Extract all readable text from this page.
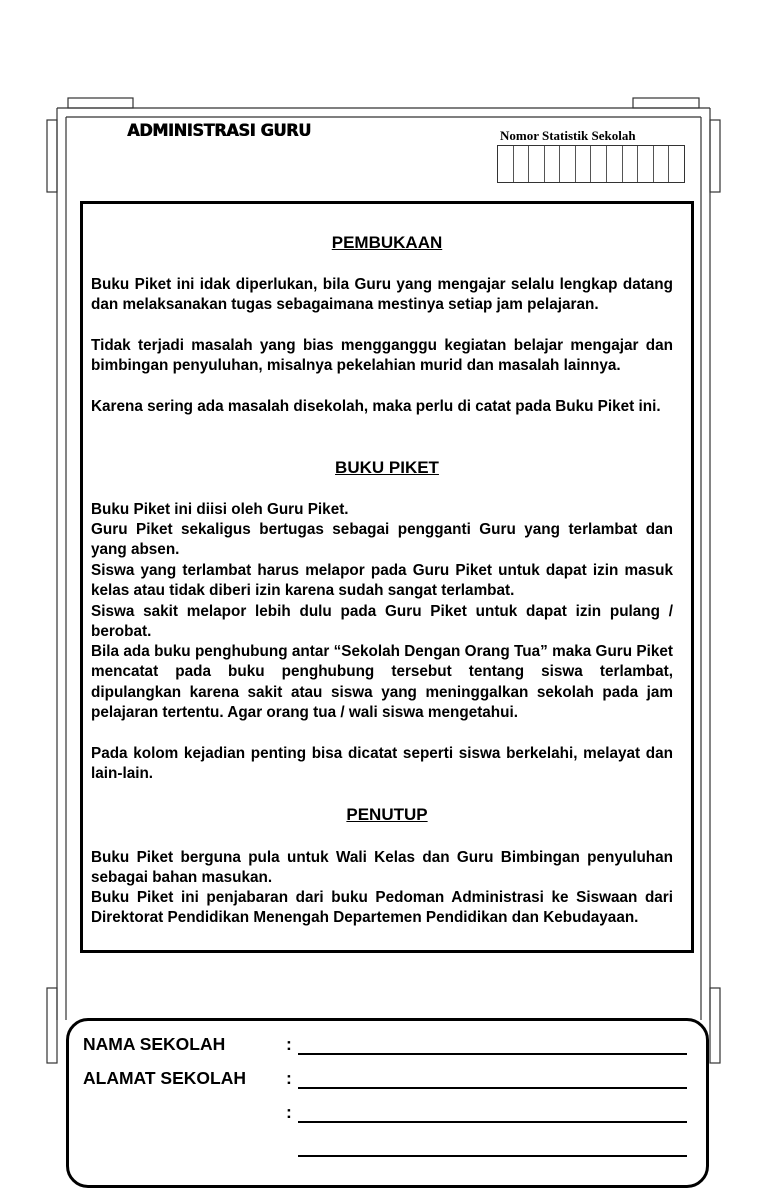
ADMINISTRASI GURU	Nomor Statistik Sekolah
PEMBUKAAN

Buku Piket ini idak diperlukan, bila Guru yang mengajar selalu lengkap datang dan melaksanakan tugas sebagaimana mestinya setiap jam pelajaran.

Tidak terjadi masalah yang bias mengganggu kegiatan belajar mengajar dan bimbingan penyuluhan, misalnya pekelahian murid dan masalah lainnya.

Karena sering ada masalah disekolah, maka perlu di catat pada Buku Piket ini.

BUKU PIKET

Buku Piket ini diisi oleh Guru Piket.

Guru Piket sekaligus bertugas sebagai pengganti Guru yang terlambat dan yang absen.

Siswa yang terlambat harus melapor pada Guru Piket untuk dapat izin masuk kelas atau tidak diberi izin karena sudah sangat terlambat.

Siswa sakit melapor lebih dulu pada Guru Piket untuk dapat izin pulang / berobat.

Bila ada buku penghubung antar “Sekolah Dengan Orang Tua” maka Guru Piket mencatat pada buku penghubung tersebut tentang siswa terlambat, dipulangkan karena sakit atau siswa yang meninggalkan sekolah pada jam pelajaran tertentu. Agar orang tua / wali siswa mengetahui.

Pada kolom kejadian penting bisa dicatat seperti siswa berkelahi, melayat dan lain-lain.

PENUTUP

Buku Piket berguna pula untuk Wali Kelas dan Guru Bimbingan penyuluhan sebagai bahan masukan.

Buku Piket ini penjabaran dari buku Pedoman Administrasi ke Siswaan dari Direktorat Pendidikan Menengah Departemen Pendidikan dan Kebudayaan.

NAMA SEKOLAH	:
ALAMAT SEKOLAH :
:
